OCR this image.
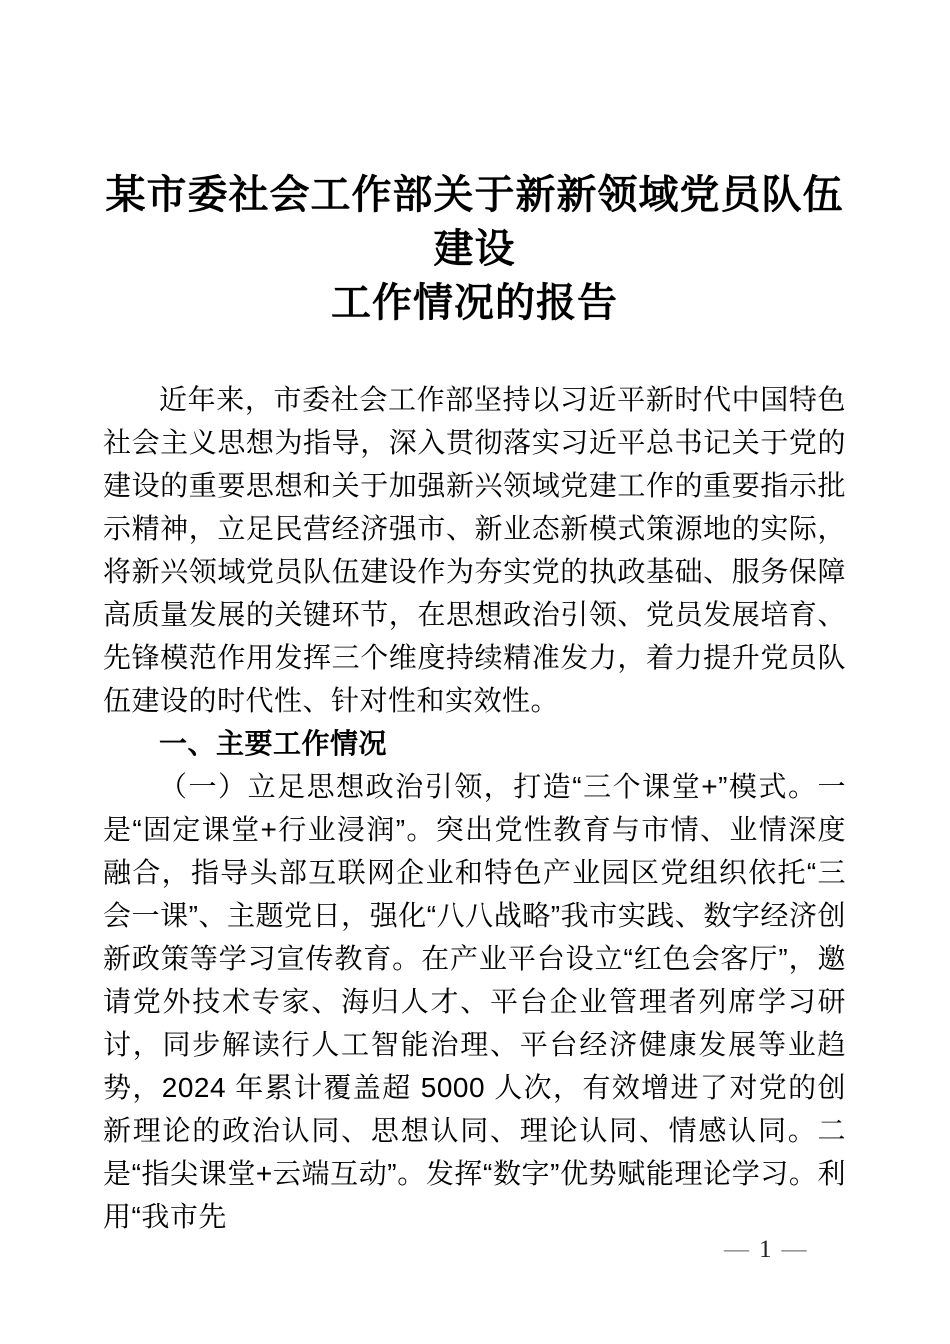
某市委社会工作部关于新新领域党员队伍建设
工作情况的报告

近年来，市委社会工作部坚持以习近平新时代中国特色社会主义思想为指导，深入贯彻落实习近平总书记关于党的建设的重要思想和关于加强新兴领域党建工作的重要指示批示精神，立足民营经济强市、新业态新模式策源地的实际，将新兴领域党员队伍建设作为夯实党的执政基础、服务保障高质量发展的关键环节，在思想政治引领、党员发展培育、先锋模范作用发挥三个维度持续精准发力，着力提升党员队伍建设的时代性、针对性和实效性。

一、主要工作情况

（一）立足思想政治引领，打造“三个课堂+”模式。一是“固定课堂+行业浸润”。突出党性教育与市情、业情深度融合，指导头部互联网企业和特色产业园区党组织依托“三会一课”、主题党日，强化“八八战略”我市实践、数字经济创新政策等学习宣传教育。在产业平台设立“红色会客厅”，邀请党外技术专家、海归人才、平台企业管理者列席学习研讨，同步解读行人工智能治理、平台经济健康发展等业趋势，2024 年累计覆盖超 5000 人次，有效增进了对党的创新理论的政治认同、思想认同、理论认同、情感认同。二是“指尖课堂+云端互动”。发挥“数字”优势赋能理论学习。利用“我市先

— 1 —
